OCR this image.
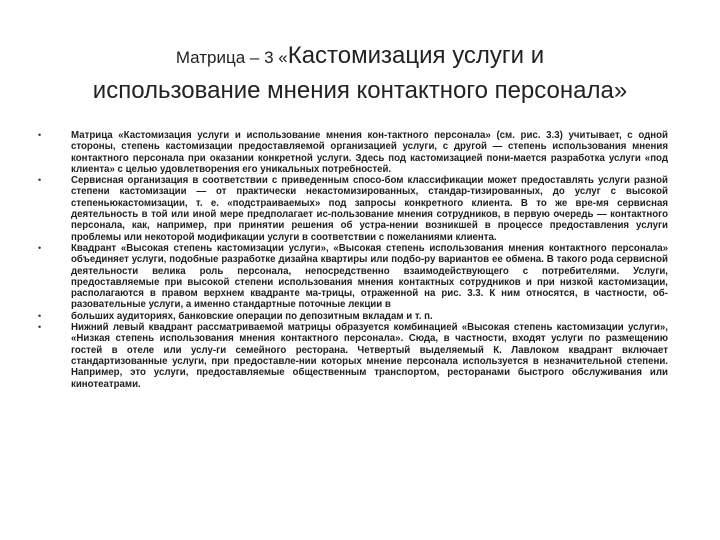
Матрица – 3 «Кастомизация услуги и
использование мнения контактного персонала»
•	Матрица «Кастомизация услуги и использование мнения кон-тактного персонала» (см. рис. 3.3) учитывает, с одной стороны, степень кастомизации предоставляемой организацией услуги, с другой — степень использования мнения контактного персонала при оказании конкретной услуги. Здесь под кастомизацией пони-мается разработка услуги «под клиента» с целью удовлетворения его уникальных потребностей.
•	Сервисная организация в соответствии с приведенным спосо-бом классификации может предоставлять услуги разной степени кастомизации — от практически некастомизированных, стандар-тизированных, до услуг с высокой степеньюкастомизации, т. е. «подстраиваемых» под запросы конкретного клиента. В то же вре-мя сервисная деятельность в той или иной мере предполагает ис-пользование мнения сотрудников, в первую очередь — контактного персонала, как, например, при принятии решения об устра-нении возникшей в процессе предоставления услуги проблемы или некоторой модификации услуги в соответствии с пожеланиями клиента.
•	Квадрант «Высокая степень кастомизации услуги», «Высокая степень использования мнения контактного персонала» объединяет услуги, подобные разработке дизайна квартиры или подбо-ру вариантов ее обмена. В такого рода сервисной деятельности велика роль персонала, непосредственно взаимодействующего с потребителями. Услуги, предоставляемые при высокой степени использования мнения контактных сотрудников и при низкой кастомизации, располагаются в правом верхнем квадранте ма-трицы, отраженной на рис. 3.3. К ним относятся, в частности, об-разовательные услуги, а именно стандартные поточные лекции в
•	больших аудиториях, банковские операции по депозитным вкладам и т. п.
•	Нижний левый квадрант рассматриваемой матрицы образуется комбинацией «Высокая степень кастомизации услуги», «Низкая степень использования мнения контактного персонала». Сюда, в частности, входят услуги по размещению гостей в отеле или услу-ги семейного ресторана. Четвертый выделяемый К. Лавлоком квадрант включает стандартизованные услуги, при предоставле-нии которых мнение персонала используется в незначительной степени. Например, это услуги, предоставляемые общественным транспортом, ресторанами быстрого обслуживания или кинотеатрами.
